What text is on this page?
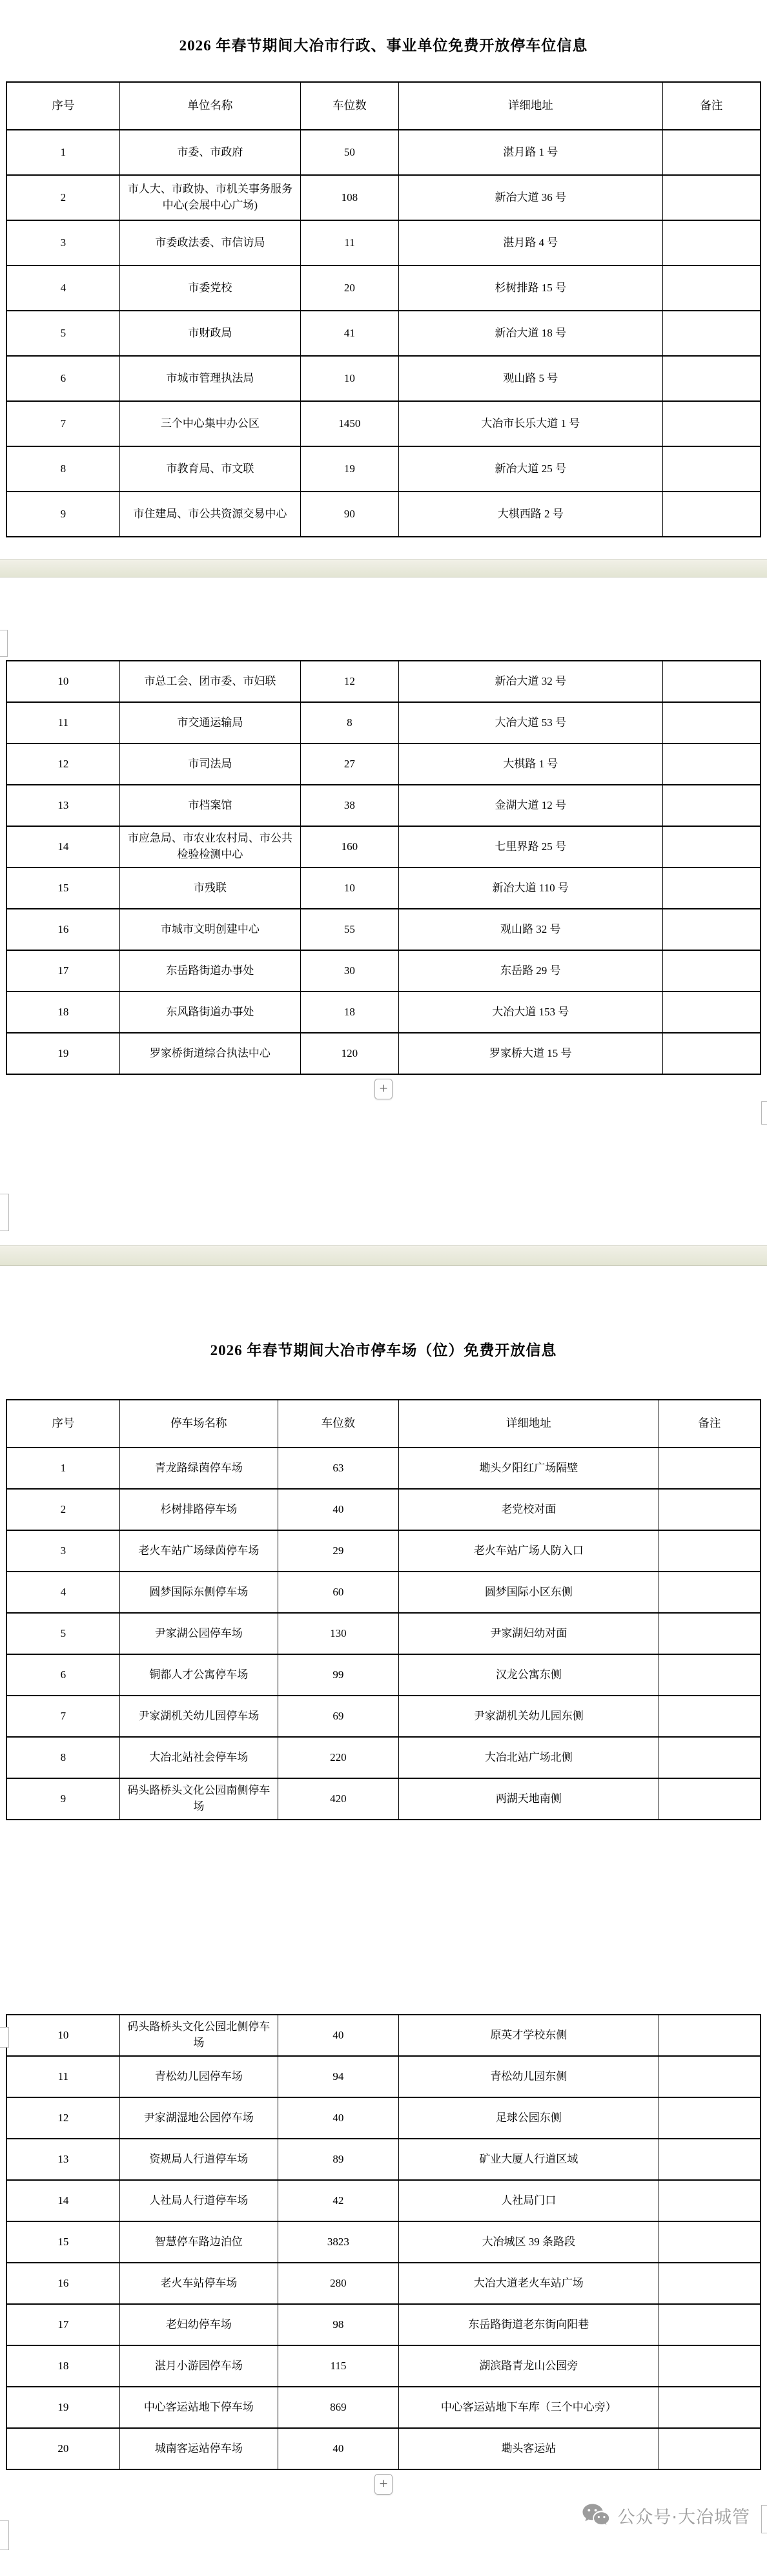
2026 年春节期间大冶市行政、事业单位免费开放停车位信息
序号	单位名称	车位数	详细地址	备注
1	市委、市政府	50	湛月路 1 号	
2	市人大、市政协、市机关事务服务中心(会展中心广场)	108	新冶大道 36 号	
3	市委政法委、市信访局	11	湛月路 4 号	
4	市委党校	20	杉树排路 15 号	
5	市财政局	41	新冶大道 18 号	
6	市城市管理执法局	10	观山路 5 号	
7	三个中心集中办公区	1450	大冶市长乐大道 1 号	
8	市教育局、市文联	19	新冶大道 25 号	
9	市住建局、市公共资源交易中心	90	大棋西路 2 号	
10	市总工会、团市委、市妇联	12	新冶大道 32 号	
11	市交通运输局	8	大冶大道 53 号	
12	市司法局	27	大棋路 1 号	
13	市档案馆	38	金湖大道 12 号	
14	市应急局、市农业农村局、市公共检验检测中心	160	七里界路 25 号	
15	市残联	10	新冶大道 110 号	
16	市城市文明创建中心	55	观山路 32 号	
17	东岳路街道办事处	30	东岳路 29 号	
18	东风路街道办事处	18	大冶大道 153 号	
19	罗家桥街道综合执法中心	120	罗家桥大道 15 号	
+
2026 年春节期间大冶市停车场（位）免费开放信息
序号	停车场名称	车位数	详细地址	备注
1	青龙路绿茵停车场	63	墈头夕阳红广场隔壁	
2	杉树排路停车场	40	老党校对面	
3	老火车站广场绿茵停车场	29	老火车站广场人防入口	
4	圆梦国际东侧停车场	60	圆梦国际小区东侧	
5	尹家湖公园停车场	130	尹家湖妇幼对面	
6	铜都人才公寓停车场	99	汉龙公寓东侧	
7	尹家湖机关幼儿园停车场	69	尹家湖机关幼儿园东侧	
8	大冶北站社会停车场	220	大冶北站广场北侧	
9	码头路桥头文化公园南侧停车场	420	两湖天地南侧	
10	码头路桥头文化公园北侧停车场	40	原英才学校东侧	
11	青松幼儿园停车场	94	青松幼儿园东侧	
12	尹家湖湿地公园停车场	40	足球公园东侧	
13	资规局人行道停车场	89	矿业大厦人行道区域	
14	人社局人行道停车场	42	人社局门口	
15	智慧停车路边泊位	3823	大冶城区 39 条路段	
16	老火车站停车场	280	大冶大道老火车站广场	
17	老妇幼停车场	98	东岳路街道老东街向阳巷	
18	湛月小游园停车场	115	湖滨路青龙山公园旁	
19	中心客运站地下停车场	869	中心客运站地下车库（三个中心旁）	
20	城南客运站停车场	40	墈头客运站	
+
公众号·大冶城管
